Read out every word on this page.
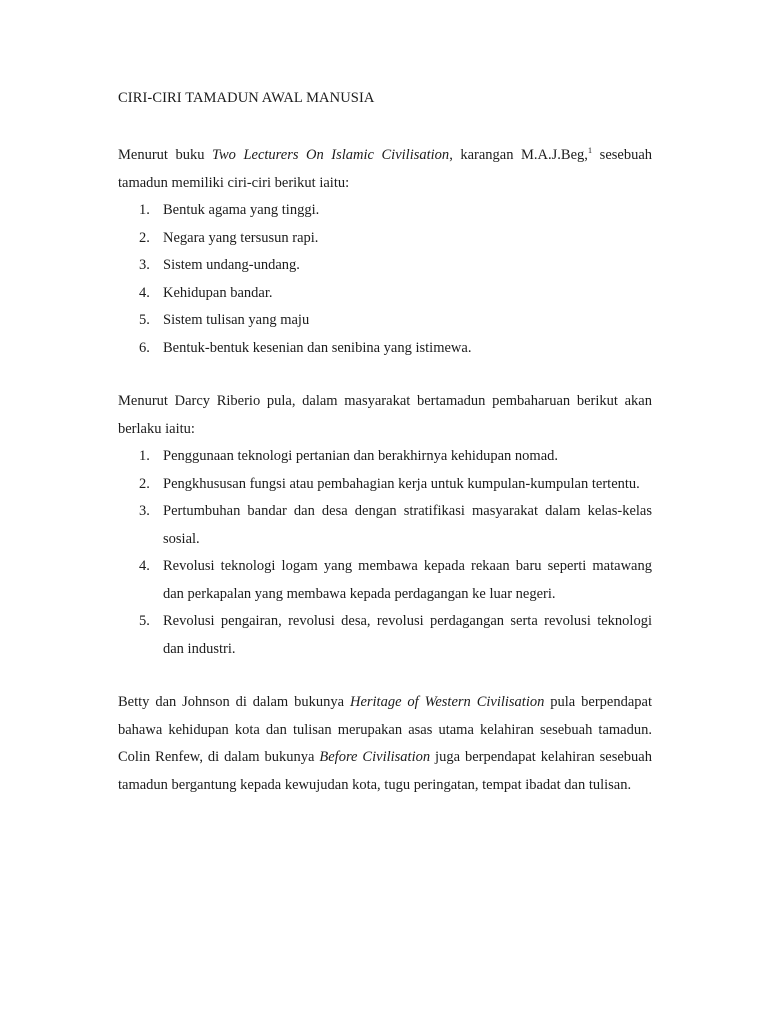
CIRI-CIRI TAMADUN AWAL MANUSIA

Menurut buku Two Lecturers On Islamic Civilisation, karangan M.A.J.Beg,$^1$ sesebuah tamadun memiliki ciri-ciri berikut iaitu:

1. Bentuk agama yang tinggi.
2. Negara yang tersusun rapi.
3. Sistem undang-undang.
4. Kehidupan bandar.
5. Sistem tulisan yang maju
6. Bentuk-bentuk kesenian dan senibina yang istimewa.

Menurut Darcy Riberio pula, dalam masyarakat bertamadun pembaharuan berikut akan berlaku iaitu:

1. Penggunaan teknologi pertanian dan berakhirnya kehidupan nomad.
2. Pengkhususan fungsi atau pembahagian kerja untuk kumpulan-kumpulan tertentu.
3. Pertumbuhan bandar dan desa dengan stratifikasi masyarakat dalam kelas-kelas sosial.
4. Revolusi teknologi logam yang membawa kepada rekaan baru seperti matawang dan perkapalan yang membawa kepada perdagangan ke luar negeri.
5. Revolusi pengairan, revolusi desa, revolusi perdagangan serta revolusi teknologi dan industri.

Betty dan Johnson di dalam bukunya Heritage of Western Civilisation pula berpendapat bahawa kehidupan kota dan tulisan merupakan asas utama kelahiran sesebuah tamadun. Colin Renfew, di dalam bukunya Before Civilisation juga berpendapat kelahiran sesebuah tamadun bergantung kepada kewujudan kota, tugu peringatan, tempat ibadat dan tulisan.
